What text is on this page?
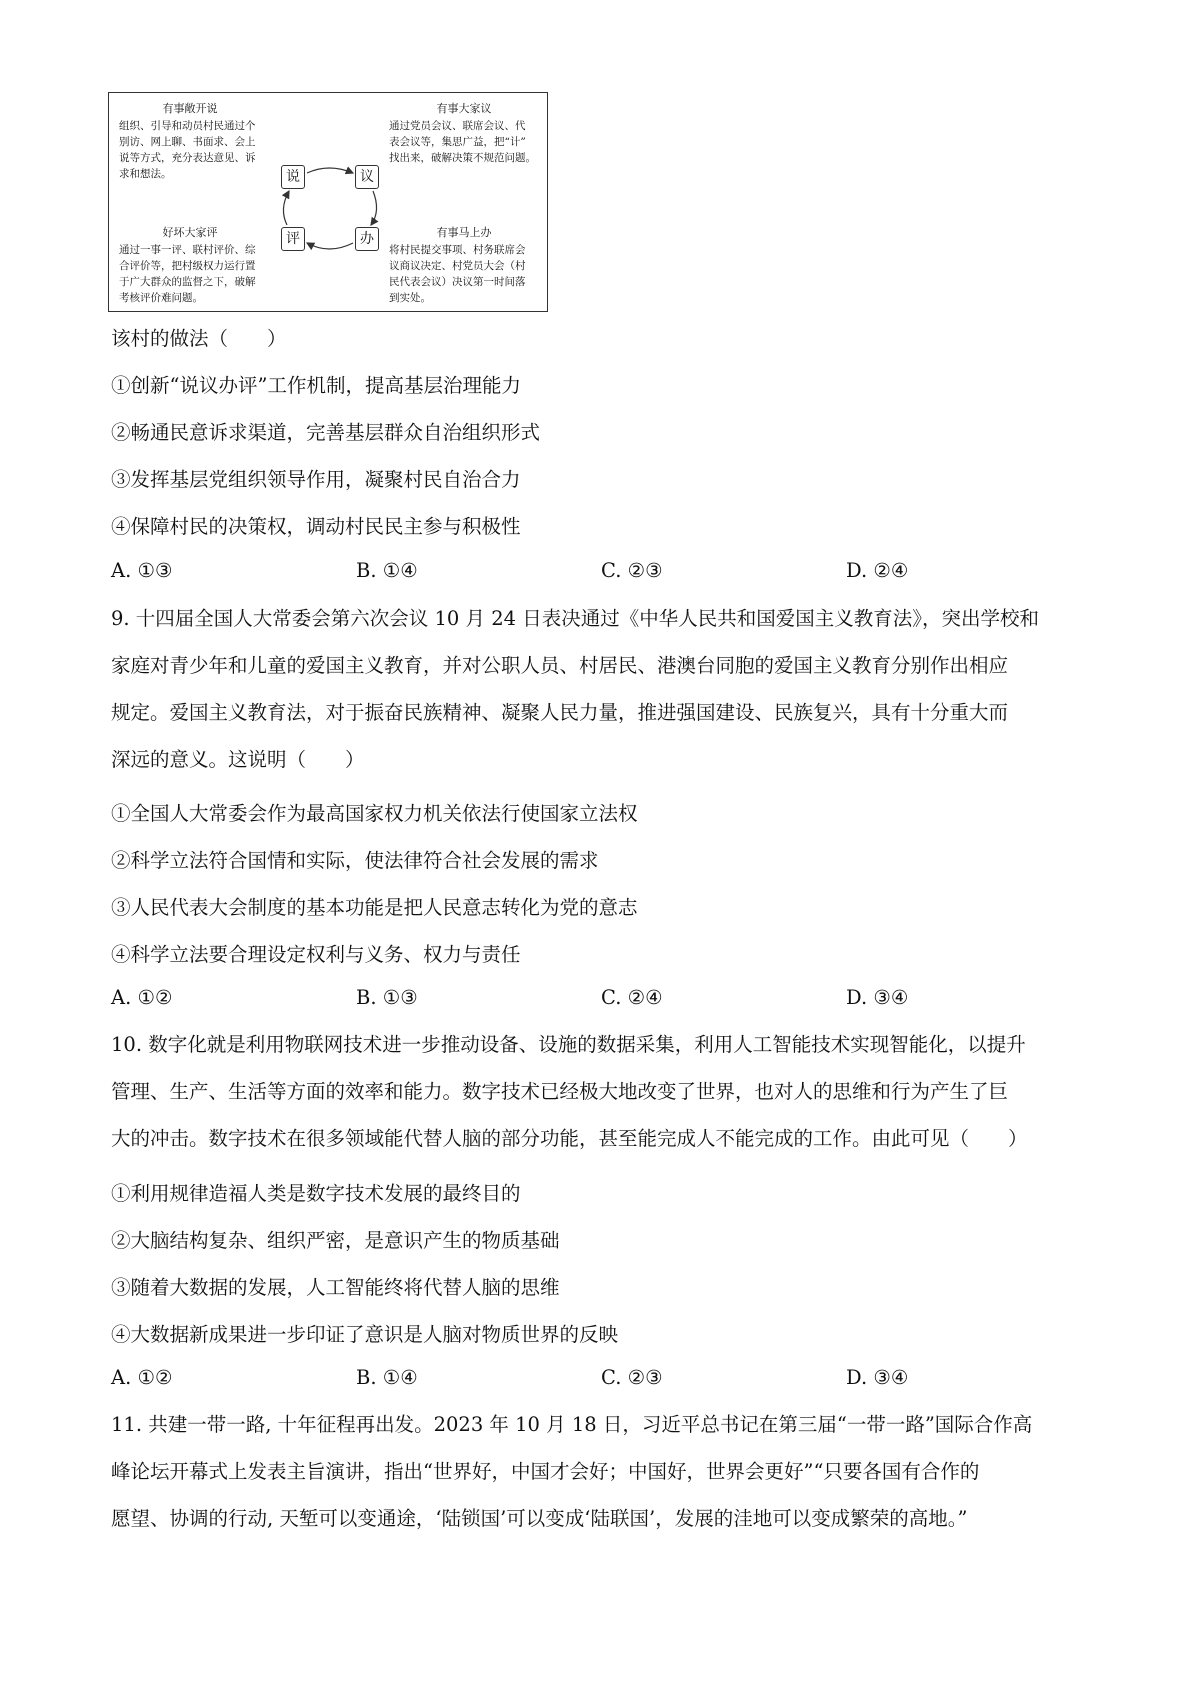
有事敞开说
组织、引导和动员村民通过个
别访、网上聊、书面求、会上
说等方式，充分表达意见、诉
求和想法。
有事大家议
通过党员会议、联席会议、代
表会议等，集思广益，把“计”
找出来，破解决策不规范问题。
好坏大家评
通过一事一评、联村评价、综
合评价等，把村级权力运行置
于广大群众的监督之下，破解
考核评价难问题。
有事马上办
将村民提交事项、村务联席会
议商议决定、村党员大会（村
民代表会议）决议第一时间落
到实处。
说	议
办
评
该村的做法（　　）
①创新“说议办评”工作机制，提高基层治理能力
②畅通民意诉求渠道，完善基层群众自治组织形式
③发挥基层党组织领导作用，凝聚村民自治合力
④保障村民的决策权，调动村民民主参与积极性
A. ①③	B. ①④	C. ②③	D. ②④
9. 十四届全国人大常委会第六次会议 10 月 24 日表决通过《中华人民共和国爱国主义教育法》，突出学校和
家庭对青少年和儿童的爱国主义教育，并对公职人员、村居民、港澳台同胞的爱国主义教育分别作出相应
规定。爱国主义教育法，对于振奋民族精神、凝聚人民力量，推进强国建设、民族复兴，具有十分重大而
深远的意义。这说明（　　）
①全国人大常委会作为最高国家权力机关依法行使国家立法权
②科学立法符合国情和实际，使法律符合社会发展的需求
③人民代表大会制度的基本功能是把人民意志转化为党的意志
④科学立法要合理设定权利与义务、权力与责任
A. ①②	B. ①③	C. ②④	D. ③④
10. 数字化就是利用物联网技术进一步推动设备、设施的数据采集，利用人工智能技术实现智能化，以提升
管理、生产、生活等方面的效率和能力。数字技术已经极大地改变了世界，也对人的思维和行为产生了巨
大的冲击。数字技术在很多领域能代替人脑的部分功能，甚至能完成人不能完成的工作。由此可见（　　）
①利用规律造福人类是数字技术发展的最终目的
②大脑结构复杂、组织严密，是意识产生的物质基础
③随着大数据的发展，人工智能终将代替人脑的思维
④大数据新成果进一步印证了意识是人脑对物质世界的反映
A. ①②	B. ①④	C. ②③	D. ③④
11. 共建一带一路, 十年征程再出发。2023 年 10 月 18 日，习近平总书记在第三届“一带一路”国际合作高
峰论坛开幕式上发表主旨演讲，指出“世界好，中国才会好；中国好，世界会更好”“只要各国有合作的
愿望、协调的行动, 天堑可以变通途，‘陆锁国’可以变成‘陆联国’，发展的洼地可以变成繁荣的高地。”
